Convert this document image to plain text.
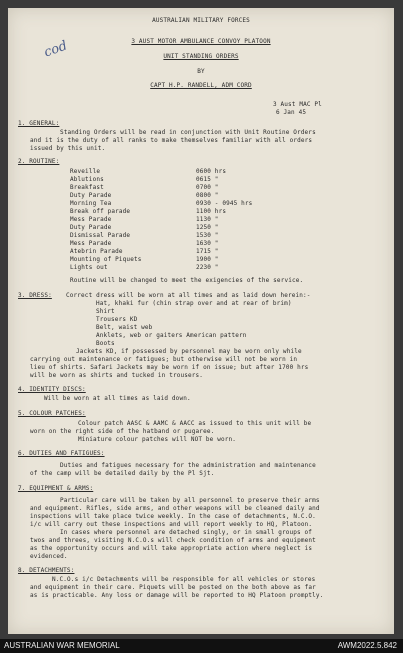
AUSTRALIAN MILITARY FORCES
3 AUST MOTOR AMBULANCE CONVOY PLATOON
UNIT STANDING ORDERS
BY
CAPT H.P. RANDELL, ADM CORD
cod
3 Aust MAC Pl
6 Jan 45
1. GENERAL:
Standing Orders will be read in conjunction with Unit Routine Orders
and it is the duty of all ranks to make themselves familiar with all orders
issued by this unit.
2. ROUTINE:
Reveille	0600 hrs
Ablutions	0615 "
Breakfast	0700 "
Duty Parade	0800 "
Morning Tea	0930 - 0945 hrs
Break off parade	1100 hrs
Mess Parade	1130 "
Duty Parade	1250 "
Dismissal Parade	1530 "
Mess Parade	1630 "
Atebrin Parade	1715 "
Mounting of Piquets	1900 "
Lights out	2230 "
Routine will be changed to meet the exigencies of the service.
3. DRESS: Correct dress will be worn at all times and as laid down herein:-
Hat, khaki fur (chin strap over and at rear of brim)
Shirt
Trousers KD
Belt, waist web
Anklets, web or gaiters American pattern
Boots
Jackets KD, if possessed by personnel may be worn only while
carrying out maintenance or fatigues; but otherwise will not be worn in
lieu of shirts. Safari Jackets may be worn if on issue; but after 1700 hrs
will be worn as shirts and tucked in trousers.
4. IDENTITY DISCS:
Will be worn at all times as laid down.
5. COLOUR PATCHES:
Colour patch AASC & AAMC & AACC as issued to this unit will be
worn on the right side of the hatband or pugaree.
Miniature colour patches will NOT be worn.
6. DUTIES AND FATIGUES:
Duties and fatigues necessary for the administration and maintenance
of the camp will be detailed daily by the Pl Sjt.
7. EQUIPMENT & ARMS:
Particular care will be taken by all personnel to preserve their arms
and equipment. Rifles, side arms, and other weapons will be cleaned daily and
inspections will take place twice weekly. In the case of detachments, N.C.O.
i/c will carry out these inspections and will report weekly to HQ, Platoon.
In cases where personnel are detached singly, or in small groups of
twos and threes, visiting N.C.O.s will check condition of arms and equipment
as the opportunity occurs and will take appropriate action where neglect is
evidenced.
8. DETACHMENTS:
N.C.O.s i/c Detachments will be responsible for all vehicles or stores
and equipment in their care. Piquets will be posted on the both above as far
as is practicable. Any loss or damage will be reported to HQ Platoon promptly.
AUSTRALIAN WAR MEMORIAL	AWM2022.5.842
